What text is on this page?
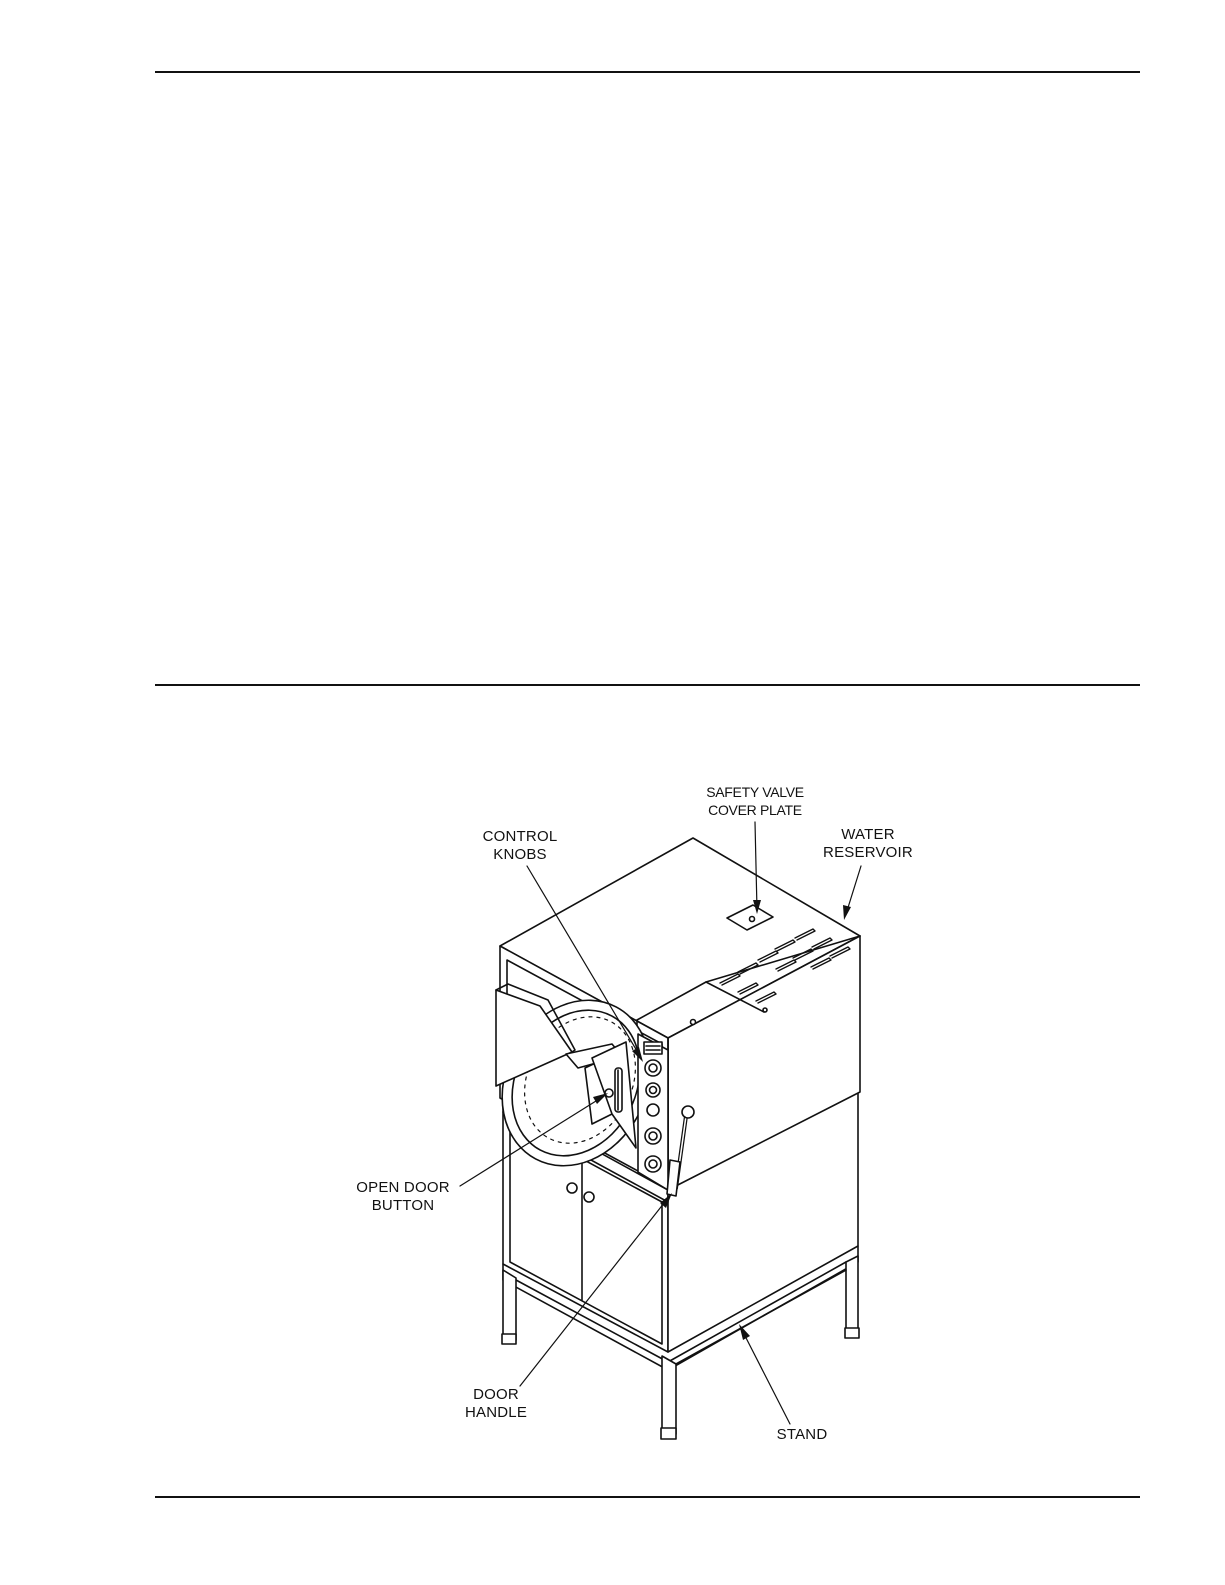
SAFETY VALVE
COVER PLATE
CONTROL
KNOBS
WATER
RESERVOIR
OPEN DOOR
BUTTON
DOOR
HANDLE
STAND
